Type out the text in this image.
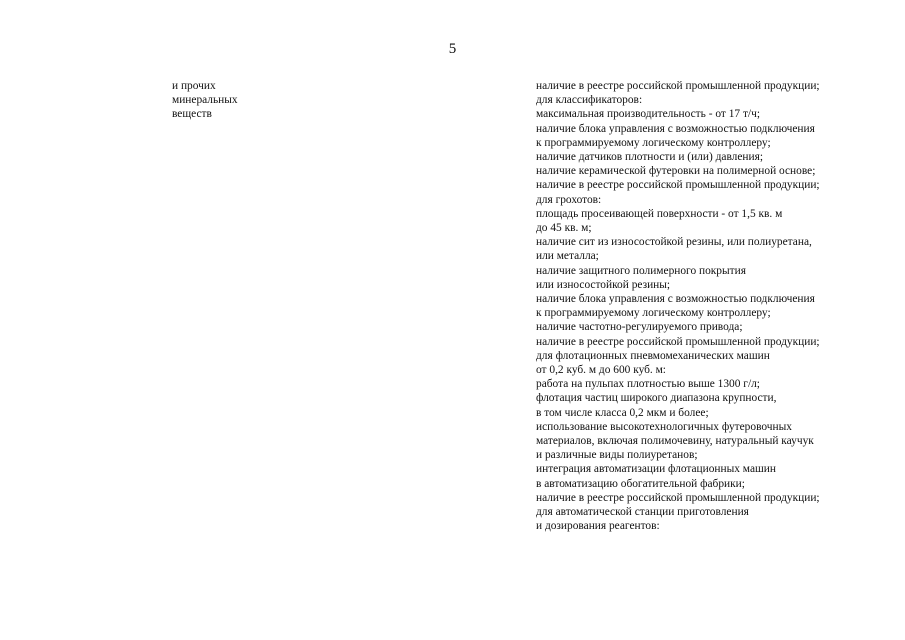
5
и прочих
минеральных
веществ
наличие в реестре российской промышленной продукции;
для классификаторов:
максимальная производительность - от 17 т/ч;
наличие блока управления с возможностью подключения
к программируемому логическому контроллеру;
наличие датчиков плотности и (или) давления;
наличие керамической футеровки на полимерной основе;
наличие в реестре российской промышленной продукции;
для грохотов:
площадь просеивающей поверхности - от 1,5 кв. м
до 45 кв. м;
наличие сит из износостойкой резины, или полиуретана,
или металла;
наличие защитного полимерного покрытия
или износостойкой резины;
наличие блока управления с возможностью подключения
к программируемому логическому контроллеру;
наличие частотно-регулируемого привода;
наличие в реестре российской промышленной продукции;
для флотационных пневмомеханических машин
от 0,2 куб. м до 600 куб. м:
работа на пульпах плотностью выше 1300 г/л;
флотация частиц широкого диапазона крупности,
в том числе класса 0,2 мкм и более;
использование высокотехнологичных футеровочных
материалов, включая полимочевину, натуральный каучук
и различные виды полиуретанов;
интеграция автоматизации флотационных машин
в автоматизацию обогатительной фабрики;
наличие в реестре российской промышленной продукции;
для автоматической станции приготовления
и дозирования реагентов:
